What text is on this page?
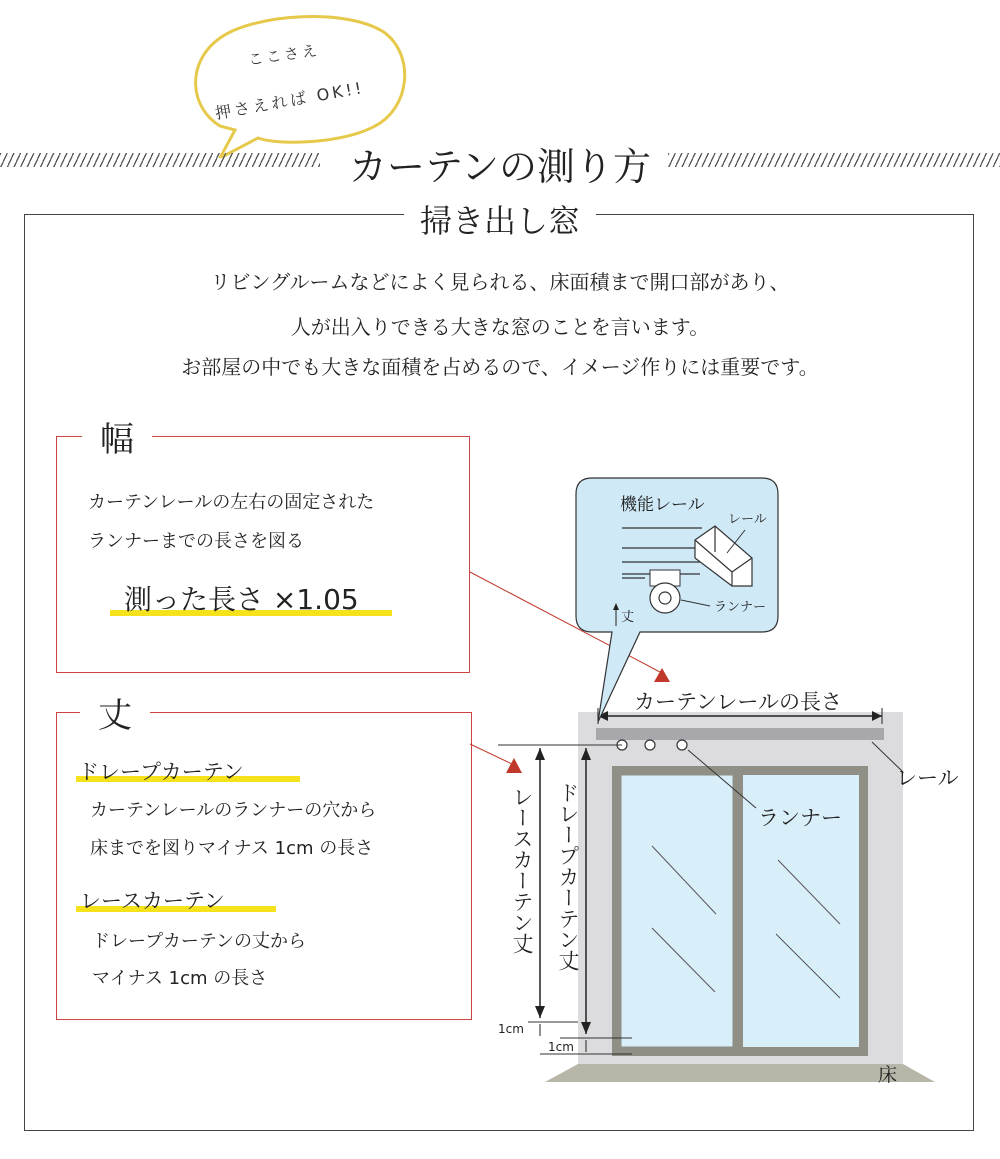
ここさえ
押さえれば OK!!
カーテンの測り方
掃き出し窓
リビングルームなどによく見られる、床面積まで開口部があり、
人が出入りできる大きな窓のことを言います。
お部屋の中でも大きな面積を占めるので、イメージ作りには重要です。
幅
カーテンレールの左右の固定された
ランナーまでの長さを図る
測った長さ ×1.05
丈
ドレープカーテン
カーテンレールのランナーの穴から
床までを図りマイナス 1cm の長さ
レースカーテン
ドレープカーテンの丈から
マイナス 1cm の長さ
機能レール
レール
ランナー
丈
カーテンレールの長さ
レール
ランナー
レースカーテン丈 ドレープカーテン丈
1cm
1cm
床
